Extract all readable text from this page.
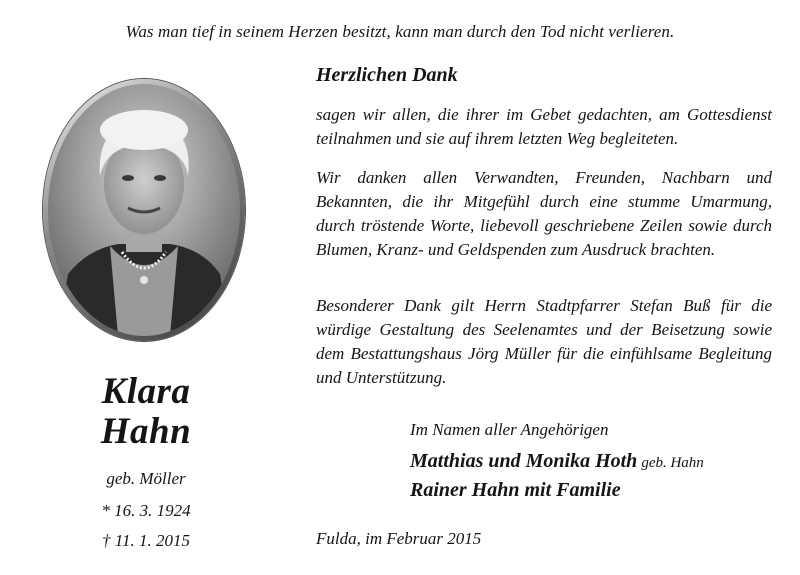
Was man tief in seinem Herzen besitzt, kann man durch den Tod nicht verlieren.
Klara
Hahn
geb. Möller
* 16. 3. 1924
† 11. 1. 2015
Herzlichen Dank

sagen wir allen, die ihrer im Gebet gedachten, am Gottesdienst teilnahmen und sie auf ihrem letzten Weg begleiteten.

Wir danken allen Verwandten, Freunden, Nachbarn und Bekannten, die ihr Mitgefühl durch eine stumme Umarmung, durch tröstende Worte, liebevoll geschriebene Zeilen sowie durch Blumen, Kranz- und Geldspenden zum Ausdruck brachten.

Besonderer Dank gilt Herrn Stadtpfarrer Stefan Buß für die würdige Gestaltung des Seelenamtes und der Beisetzung sowie dem Bestattungshaus Jörg Müller für die einfühlsame Begleitung und Unterstützung.

Im Namen aller Angehörigen
Matthias und Monika Hoth geb. Hahn
Rainer Hahn mit Familie
Fulda, im Februar 2015
